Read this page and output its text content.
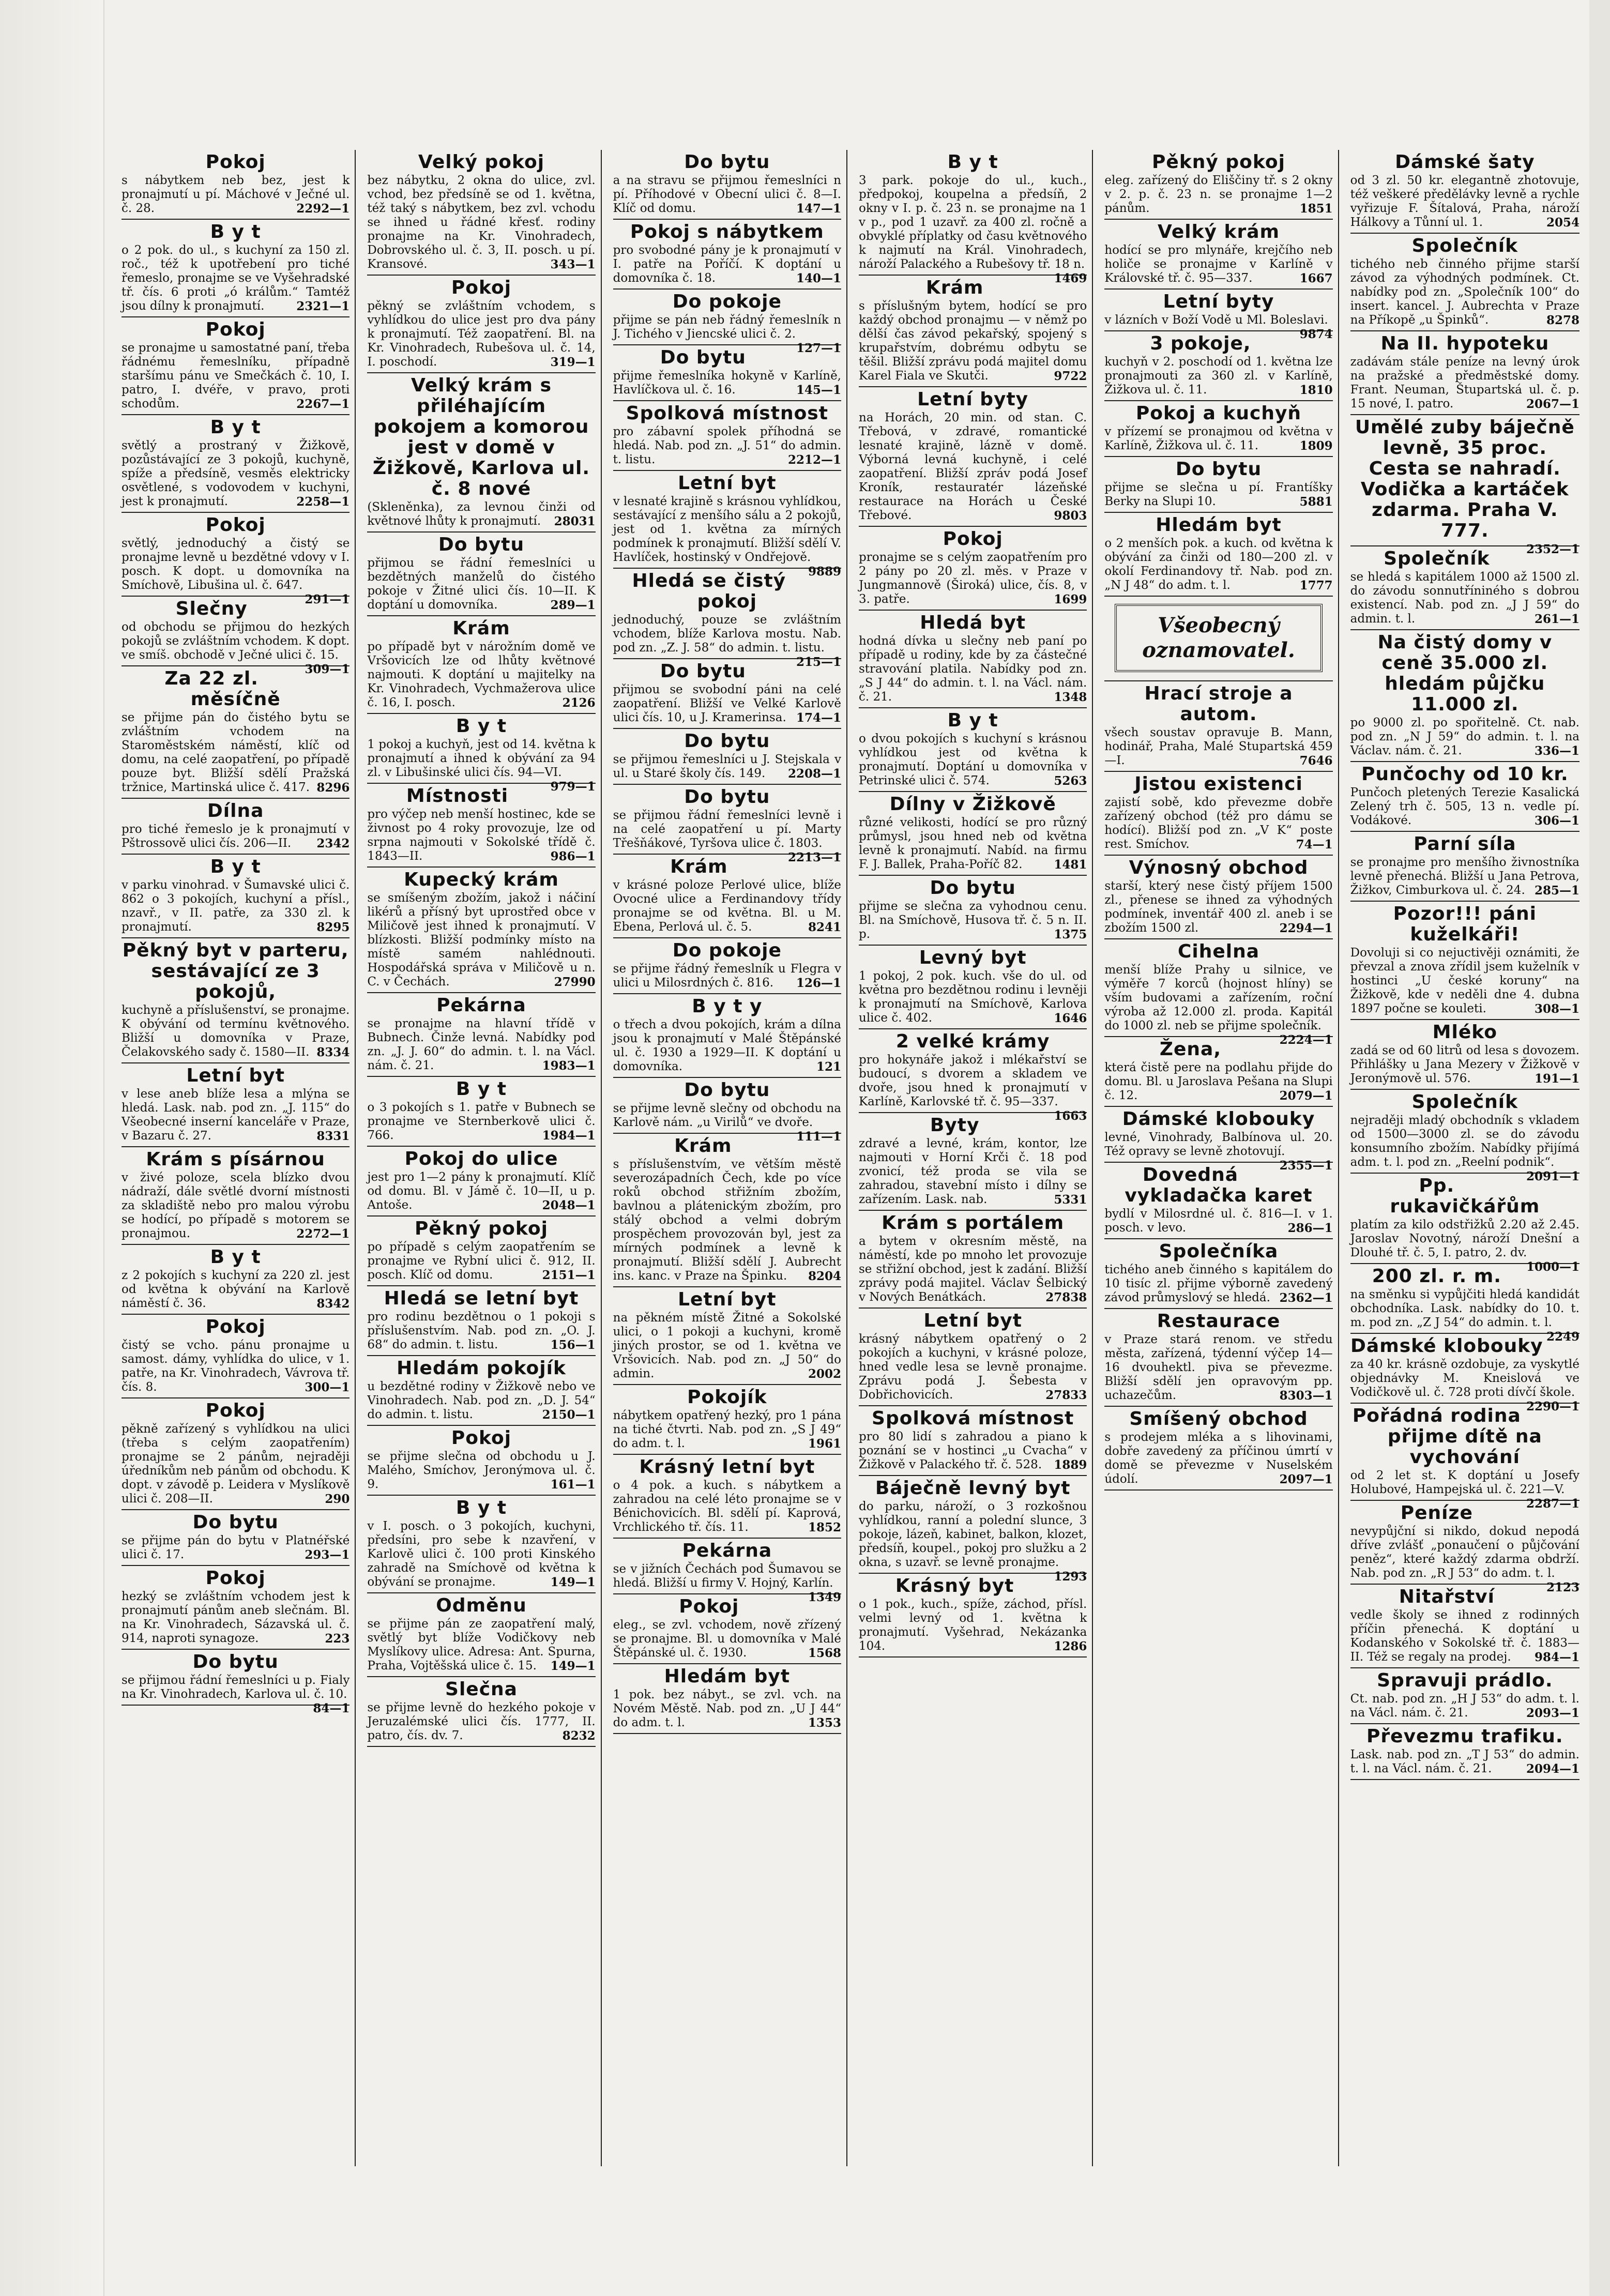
Pokoj

s nábytkem neb bez, jest k pronajmutí u pí. Máchové v Ječné ul. č. 28.	2292—1

B y t

o 2 pok. do ul., s kuchyní za 150 zl. roč., též k upotřebení pro tiché řemeslo, pronajme se ve Vyšehradské tř. čís. 6 proti „ó králům.“ Tamtéž jsou dílny k pronajmutí.	2321—1

Pokoj

se pronajme u samostatné paní, třeba řádnému řemeslníku, případně staršímu pánu ve Smečkách č. 10, I. patro, I. dvéře, v pravo, proti schodům.	2267—1

B y t

světlý a prostraný v Žižkově, pozůstávající ze 3 pokojů, kuchyně, spíže a předsíně, vesměs elektricky osvětlené, s vodovodem v kuchyni, jest k pronajmutí.	2258—1

Pokoj

světlý, jednoduchý a čistý se pronajme levně u bezdětné vdovy v I. posch. K dopt. u domovníka na Smíchově, Libušina ul. č. 647.
291—1

Slečny

od obchodu se přijmou do hezkých pokojů se zvláštním vchodem. K dopt. ve smíš. obchodě v Ječné ulici č. 15.
309—1

Za 22 zl. měsíčně

se přijme pán do čistého bytu se zvláštním vchodem na Staroměstském náměstí, klíč od domu, na celé zaopatření, po případě pouze byt. Bližší sdělí Pražská tržnice, Martinská ulice č. 417. 8296

Dílna

pro tiché řemeslo je k pronajmutí v Pštrossově ulici čís. 206—II. 2342

B y t

v parku vinohrad. v Šumavské ulici č. 862 o 3 pokojích, kuchyní a přísl., nzavř., v II. patře, za 330 zl. k pronajmutí.	8295

Pěkný byt v parteru, sestávající ze 3 pokojů,

kuchyně a příslušenství, se pronajme. K obývání od termínu květnového. Bližší u domovníka v Praze, Čelakovského sady č. 1580—II. 8334

Letní byt

v lese aneb blíže lesa a mlýna se hledá. Lask. nab. pod zn. „J. 115“ do Všeobecné inserní kanceláře v Praze, v Bazaru č. 27.	8331

Krám s písárnou

v živé poloze, scela blízko dvou nádraží, dále světlé dvorní místnosti za skladiště nebo pro malou výrobu se hodící, po případě s motorem se pronajmou.	2272—1

B y t

z 2 pokojích s kuchyní za 220 zl. jest od května k obývání na Karlově náměstí č. 36.	8342

Pokoj

čistý se vcho. pánu pronajme u samost. dámy, vyhlídka do ulice, v 1. patře, na Kr. Vinohradech, Vávrova tř. čís. 8.	300—1

Pokoj

pěkně zařízený s vyhlídkou na ulici (třeba s celým zaopatřením) pronajme se 2 pánům, nejraději úředníkům neb pánům od obchodu. K dopt. v závodě p. Leidera v Myslíkově ulici č. 208—II.	290

Do bytu

se přijme pán do bytu v Platnéřské ulici č. 17.	293—1

Pokoj

hezký se zvláštním vchodem jest k pronajmutí pánům aneb slečnám. Bl. na Kr. Vinohradech, Sázavská ul. č. 914, naproti synagoze.	223

Do bytu

se přijmou řádní řemeslníci u p. Fialy na Kr. Vinohradech, Karlova ul. č. 10.
84—1

Velký pokoj

bez nábytku, 2 okna do ulice, zvl. vchod, bez předsíně se od 1. května, též taký s nábytkem, bez zvl. vchodu se ihned u řádné křesť. rodiny pronajme na Kr. Vinohradech, Dobrovského ul. č. 3, II. posch. u pí. Kransové.	343—1

Pokoj

pěkný se zvláštním vchodem, s vyhlídkou do ulice jest pro dva pány k pronajmutí. Též zaopatření. Bl. na Kr. Vinohradech, Rubešova ul. č. 14, I. poschodí.	319—1

Velký krám s přiléhajícím pokojem a komorou jest v domě v Žižkově, Karlova ul. č. 8 nové

(Skleněnka), za levnou činži od květnové lhůty k pronajmutí. 28031

Do bytu

přijmou se řádní řemeslníci u bezdětných manželů do čistého pokoje v Žitné ulici čís. 10—II. K doptání u domovníka.	289—1

Krám

po případě byt v nárožním domě ve Vršovicích lze od lhůty květnové najmouti. K doptání u majitelky na Kr. Vinohradech, Vychmažerova ulice č. 16, I. posch.	2126

B y t

1 pokoj a kuchyň, jest od 14. května k pronajmutí a ihned k obývání za 94 zl. v Libušinské ulici čís. 94—VI.
979—1

Místnosti

pro výčep neb menší hostinec, kde se živnost po 4 roky provozuje, lze od srpna najmouti v Sokolské třídě č. 1843—II.	986—1

Kupecký krám

se smíšeným zbožím, jakož i náčiní likérů a přísný byt uprostřed obce v Miličově jest ihned k pronajmutí. V blízkosti. Bližší podmínky místo na místě samém nahlédnouti. Hospodářská správa v Miličově u n. C. v Čechách.	27990

Pekárna

se pronajme na hlavní třídě v Bubnech. Činže levná. Nabídky pod zn. „J. J. 60“ do admin. t. l. na Václ. nám. č. 21.	1983—1

B y t

o 3 pokojích s 1. patře v Bubnech se pronajme ve Sternberkově ulici č. 766.	1984—1

Pokoj do ulice

jest pro 1—2 pány k pronajmutí. Klíč od domu. Bl. v Jámě č. 10—II, u p. Antoše.	2048—1

Pěkný pokoj

po případě s celým zaopatřením se pronajme ve Rybní ulici č. 912, II. posch. Klíč od domu.	2151—1

Hledá se letní byt

pro rodinu bezdětnou o 1 pokoji s příslušenstvím. Nab. pod zn. „O. J. 68“ do admin. t. listu.	156—1

Hledám pokojík

u bezdětné rodiny v Žižkově nebo ve Vinohradech. Nab. pod zn. „D. J. 54“ do admin. t. listu.	2150—1

Pokoj

se přijme slečna od obchodu u J. Malého, Smíchov, Jeronýmova ul. č. 9.	161—1

B y t

v I. posch. o 3 pokojích, kuchyni, předsíni, pro sebe k nzavření, v Karlově ulici č. 100 proti Kinského zahradě na Smíchově od května k obývání se pronajme.	149—1

Odměnu

se přijme pán ze zaopatření malý, světlý byt blíže Vodičkovy neb Myslíkovy ulice. Adresa: Ant. Spurna, Praha, Vojtěšská ulice č. 15. 149—1

Slečna

se přijme levně do hezkého pokoje v Jeruzalémské ulici čís. 1777, II. patro, čís. dv. 7.	8232

Do bytu

a na stravu se přijmou řemeslníci n pí. Příhodové v Obecní ulici č. 8—I. Klíč od domu.	147—1

Pokoj s nábytkem

pro svobodné pány je k pronajmutí v I. patře na Poříčí. K doptání u domovníka č. 18.	140—1

Do pokoje

přijme se pán neb řádný řemeslník n J. Tichého v Jiencské ulici č. 2.
127—1

Do bytu

přijme řemeslníka hokyně v Karlíně, Havlíčkova ul. č. 16.	145—1

Spolková místnost

pro zábavní spolek příhodná se hledá. Nab. pod zn. „J. 51“ do admin. t. listu.	2212—1

Letní byt

v lesnaté krajině s krásnou vyhlídkou, sestávající z menšího sálu a 2 pokojů, jest od 1. května za mírných podmínek k pronajmutí. Bližší sdělí V. Havlíček, hostinský v Ondřejově.
9889

Hledá se čistý pokoj

jednoduchý, pouze se zvláštním vchodem, blíže Karlova mostu. Nab. pod zn. „Z. J. 58“ do admin. t. listu.
215—1

Do bytu

přijmou se svobodní páni na celé zaopatření. Bližší ve Velké Karlově ulici čís. 10, u J. Kramerinsa. 174—1

Do bytu

se přijmou řemeslníci u J. Stejskala v ul. u Staré školy čís. 149. 2208—1

Do bytu

se přijmou řádní řemeslníci levně i na celé zaopatření u pí. Marty Třešňákové, Tyršova ulice č. 1803.
2213—1

Krám

v krásné poloze Perlové ulice, blíže Ovocné ulice a Ferdinandovy třídy pronajme se od května. Bl. u M. Ebena, Perlová ul. č. 5.	8241

Do pokoje

se přijme řádný řemeslník u Flegra v ulici u Milosrdných č. 816. 126—1

B y t y

o třech a dvou pokojích, krám a dílna jsou k pronajmutí v Malé Štěpánské ul. č. 1930 a 1929—II. K doptání u domovníka.	121

Do bytu

se přijme levně slečny od obchodu na Karlově nám. „u Virilů“ ve dvoře.
111—1

Krám

s příslušenstvím, ve větším městě severozápadních Čech, kde po více roků obchod střižním zbožím, bavlnou a plátenickým zbožím, pro stálý obchod a velmi dobrým prospěchem provozován byl, jest za mírných podmínek a levně k pronajmutí. Bližší sdělí J. Aubrecht ins. kanc. v Praze na Špinku. 8204

Letní byt

na pěkném místě Žitné a Sokolské ulici, o 1 pokoji a kuchyni, kromě jiných prostor, se od 1. května ve Vršovicích. Nab. pod zn. „J 50“ do admin.	2002

Pokojík

nábytkem opatřený hezký, pro 1 pána na tiché čtvrti. Nab. pod zn. „S J 49“ do adm. t. l.	1961

Krásný letní byt

o 4 pok. a kuch. s nábytkem a zahradou na celé léto pronajme se v Bénichovicích. Bl. sdělí pí. Kaprová, Vrchlického tř. čís. 11.	1852

Pekárna

se v jižních Čechách pod Šumavou se hledá. Bližší u firmy V. Hojný, Karlín.
1349

Pokoj

eleg., se zvl. vchodem, nově zřízený se pronajme. Bl. u domovníka v Malé Štěpánské ul. č. 1930.	1568

Hledám byt

1 pok. bez nábyt., se zvl. vch. na Novém Městě. Nab. pod zn. „U J 44“ do adm. t. l.	1353

B y t

3 park. pokoje do ul., kuch., předpokoj, koupelna a předsíň, 2 okny v I. p. č. 23 n. se pronajme na 1 v p., pod 1 uzavř. za 400 zl. ročně a obvyklé příplatky od času květnového k najmutí na Král. Vinohradech, nároží Palackého a Rubešovy tř. 18 n.
1469

Krám

s příslušným bytem, hodící se pro každý obchod pronajmu — v němž po dělší čas závod pekařský, spojený s krupařstvím, dobrému odbytu se těšil. Bližší zprávu podá majitel domu Karel Fiala ve Skutči.	9722

Letní byty

na Horách, 20 min. od stan. C. Třebová, v zdravé, romantické lesnaté krajině, lázně v domě. Výborná levná kuchyně, i celé zaopatření. Bližší zpráv podá Josef Kroník, restauratér lázeňské restaurace na Horách u České Třebové.	9803

Pokoj

pronajme se s celým zaopatřením pro 2 pány po 20 zl. měs. v Praze v Jungmannově (Široká) ulice, čís. 8, v 3. patře.	1699

Hledá byt

hodná dívka u slečny neb paní po případě u rodiny, kde by za částečné stravování platila. Nabídky pod zn. „S J 44“ do admin. t. l. na Václ. nám. č. 21.	1348

B y t

o dvou pokojích s kuchyní s krásnou vyhlídkou jest od května k pronajmutí. Doptání u domovníka v Petrinské ulici č. 574.	5263

Dílny v Žižkově

různé velikosti, hodící se pro různý průmysl, jsou hned neb od května levně k pronajmutí. Nabíd. na firmu F. J. Ballek, Praha-Poříč 82.	1481

Do bytu

přijme se slečna za vyhodnou cenu. Bl. na Smíchově, Husova tř. č. 5 n. II. p.	1375

Levný byt

1 pokoj, 2 pok. kuch. vše do ul. od května pro bezdětnou rodinu i levněji k pronajmutí na Smíchově, Karlova ulice č. 402.	1646

2 velké krámy

pro hokynáře jakož i mlékařství se budoucí, s dvorem a skladem ve dvoře, jsou hned k pronajmutí v Karlíně, Karlovské tř. č. 95—337.
1663

Byty

zdravé a levné, krám, kontor, lze najmouti v Horní Krči č. 18 pod zvonicí, též proda se vila se zahradou, stavební místo i dílny se zařízením. Lask. nab.	5331

Krám s portálem

a bytem v okresním městě, na náměstí, kde po mnoho let provozuje se střižní obchod, jest k zadání. Bližší zprávy podá majitel. Václav Šelbický v Nových Benátkách.	27838

Letní byt

krásný nábytkem opatřený o 2 pokojích a kuchyni, v krásné poloze, hned vedle lesa se levně pronajme. Zprávu podá J. Šebesta v Dobřichovicích.	27833

Spolková místnost

pro 80 lidí s zahradou a piano k poznání se v hostinci „u Cvacha“ v Žižkově v Palackého tř. č. 528. 1889

Báječně levný byt

do parku, nároží, o 3 rozkošnou vyhlídkou, ranní a polední slunce, 3 pokoje, lázeň, kabinet, balkon, klozet, předsíň, koupel., pokoj pro služku a 2 okna, s uzavř. se levně pronajme.
1293

Krásný byt

o 1 pok., kuch., spíže, záchod, přísl. velmi levný od 1. května k pronajmutí. Vyšehrad, Nekázanka 104.	1286

Pěkný pokoj

eleg. zařízený do Eliščiny tř. s 2 okny v 2. p. č. 23 n. se pronajme 1—2 pánům.	1851

Velký krám

hodící se pro mlynáře, krejčího neb holiče se pronajme v Karlíně v Královské tř. č. 95—337.	1667

Letní byty

v lázních v Boží Vodě u Ml. Boleslavi.
9874

3 pokoje,

kuchyň v 2. poschodí od 1. května lze pronajmouti za 360 zl. v Karlíně, Žižkova ul. č. 11.	1810

Pokoj a kuchyň

v přízemí se pronajmou od května v Karlíně, Žižkova ul. č. 11.	1809

Do bytu

přijme se slečna u pí. Frantíšky Berky na Slupi 10.	5881

Hledám byt

o 2 menších pok. a kuch. od května k obývání za činži od 180—200 zl. v okolí Ferdinandovy tř. Nab. pod zn. „N J 48“ do adm. t. l.	1777

Všeobecný oznamovatel.
Hrací stroje a autom.

všech soustav opravuje B. Mann, hodinář, Praha, Malé Stupartská 459—I.	7646

Jistou existenci

zajistí sobě, kdo převezme dobře zařízený obchod (též pro dámu se hodící). Bližší pod zn. „V K“ poste rest. Smíchov.	74—1

Výnosný obchod

starší, který nese čistý příjem 1500 zl., přenese se ihned za výhodných podmínek, inventář 400 zl. aneb i se zbožím 1500 zl.	2294—1

Cihelna

menší blíže Prahy u silnice, ve výměře 7 korců (hojnost hlíny) se vším budovami a zařízením, roční výroba až 12.000 zl. proda. Kapitál do 1000 zl. neb se přijme společník.
2224—1

Žena,

která čistě pere na podlahu přijde do domu. Bl. u Jaroslava Pešana na Slupi č. 12.	2079—1

Dámské klobouky

levné, Vinohrady, Balbínova ul. 20. Též opravy se levně zhotovují.
2355—1

Dovedná vykladačka karet

bydlí v Milosrdné ul. č. 816—I. v 1. posch. v levo.	286—1

Společníka

tichého aneb činného s kapitálem do 10 tisíc zl. přijme výborně zavedený závod průmyslový se hledá. 2362—1

Restaurace

v Praze stará renom. ve středu města, zařízená, týdenní výčep 14—16 dvouhektl. piva se převezme. Bližší sdělí jen opravovým pp. uchazečům.	8303—1

Smíšený obchod

s prodejem mléka a s lihovinami, dobře zavedený za příčinou úmrtí v domě se převezme v Nuselském údolí.	2097—1

Dámské šaty

od 3 zl. 50 kr. elegantně zhotovuje, též veškeré předělávky levně a rychle vyřizuje F. Šítalová, Praha, nároží Hálkovy a Tůnní ul. 1.	2054

Společník

tichého neb činného přijme starší závod za výhodných podmínek. Ct. nabídky pod zn. „Společník 100“ do insert. kancel. J. Aubrechta v Praze na Příkopě „u Špinků“.	8278

Na II. hypoteku

zadávám stále peníze na levný úrok na pražské a předměstské domy. Frant. Neuman, Štupartská ul. č. p. 15 nové, I. patro.	2067—1

Umělé zuby báječně levně, 35 proc. Cesta se nahradí. Vodička a kartáček zdarma. Praha V. 777.

2352—1

Společník

se hledá s kapitálem 1000 až 1500 zl. do závodu sonnutříniného s dobrou existencí. Nab. pod zn. „J J 59“ do admin. t. l.	261—1

Na čistý domy v ceně 35.000 zl. hledám půjčku 11.000 zl.

po 9000 zl. po spořitelně. Ct. nab. pod zn. „N J 59“ do admin. t. l. na Václav. nám. č. 21.	336—1

Punčochy od 10 kr.

Punčoch pletených Terezie Kasalická Zelený trh č. 505, 13 n. vedle pí. Vodákové.	306—1

Parní síla

se pronajme pro menšího živnostníka levně přenechá. Bližší u Jana Petrova, Žižkov, Cimburkova ul. č. 24. 285—1

Pozor!!! páni kuželkáři!

Dovoluji si co nejuctivěji oznámiti, že převzal a znova zřídil jsem kuželník v hostinci „U české koruny“ na Žižkově, kde v neděli dne 4. dubna 1897 počne se kouleti.	308—1

Mléko

zadá se od 60 litrů od lesa s dovozem. Přihlášky u Jana Mezery v Žižkově v Jeronýmově ul. 576.	191—1

Společník

nejraději mladý obchodník s vkladem od 1500—3000 zl. se do závodu konsumního zbožím. Nabídky přijímá adm. t. l. pod zn. „Reelní podnik“.
2091—1

Pp. rukavičkářům

platím za kilo odstřižků 2.20 až 2.45. Jaroslav Novotný, nároží Dnešní a Dlouhé tř. č. 5, I. patro, 2. dv.
1000—1

200 zl. r. m.

na směnku si vypůjčiti hledá kandidát obchodníka. Lask. nabídky do 10. t. m. pod zn. „Z J 54“ do admin. t. l.
2249

Dámské klobouky

za 40 kr. krásně ozdobuje, za vyskytlé objednávky M. Kneislová ve Vodičkově ul. č. 728 proti dívčí škole.
2290—1

Pořádná rodina přijme dítě na vychování

od 2 let st. K doptání u Josefy Holubové, Hampejská ul. č. 221—V.
2287—1

Peníze

nevypůjční si nikdo, dokud nepodá dříve zvlášť „ponaučení o půjčování peněz“, které každý zdarma obdrží. Nab. pod zn. „R J 53“ do adm. t. l.
2123

Nitařství

vedle školy se ihned z rodinných příčin přenechá. K doptání u Kodanského v Sokolské tř. č. 1883—II. Též se regaly na prodej. 984—1

Spravuji prádlo.

Ct. nab. pod zn. „H J 53“ do adm. t. l. na Václ. nám. č. 21.	2093—1

Převezmu trafiku.

Lask. nab. pod zn. „T J 53“ do admin. t. l. na Václ. nám. č. 21.	2094—1
